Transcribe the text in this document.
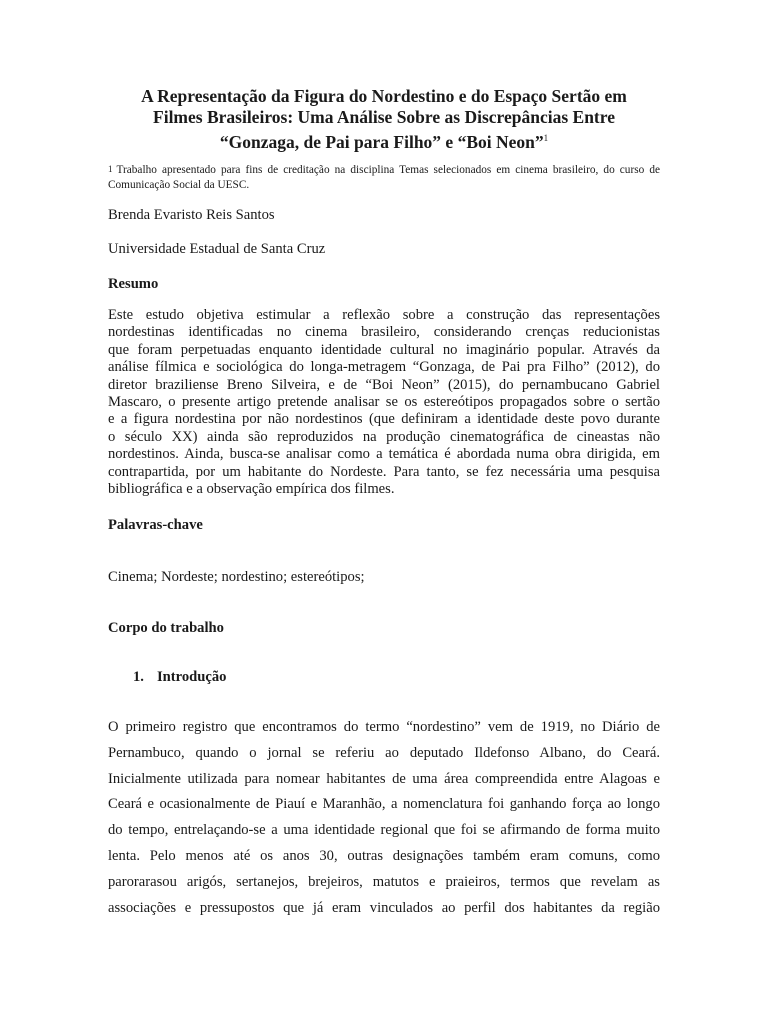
A Representação da Figura do Nordestino e do Espaço Sertão em
Filmes Brasileiros: Uma Análise Sobre as Discrepâncias Entre
“Gonzaga, de Pai para Filho” e “Boi Neon”$^1$

$^1$ Trabalho apresentado para fins de creditação na disciplina Temas selecionados em cinema brasileiro, do curso de Comunicação Social da UESC.

Brenda Evaristo Reis Santos

Universidade Estadual de Santa Cruz

Resumo

Este estudo objetiva estimular a reflexão sobre a construção das representações
nordestinas identificadas no cinema brasileiro, considerando crenças reducionistas
que foram perpetuadas enquanto identidade cultural no imaginário popular. Através da
análise fílmica e sociológica do longa-metragem “Gonzaga, de Pai pra Filho” (2012), do
diretor braziliense Breno Silveira, e de “Boi Neon” (2015), do pernambucano Gabriel
Mascaro, o presente artigo pretende analisar se os estereótipos propagados sobre o sertão
e a figura nordestina por não nordestinos (que definiram a identidade deste povo durante
o século XX) ainda são reproduzidos na produção cinematográfica de cineastas não
nordestinos. Ainda, busca-se analisar como a temática é abordada numa obra dirigida, em
contrapartida, por um habitante do Nordeste. Para tanto, se fez necessária uma pesquisa
bibliográfica e a observação empírica dos filmes.

Palavras-chave

Cinema; Nordeste; nordestino; estereótipos;

Corpo do trabalho

1. Introdução

O primeiro registro que encontramos do termo “nordestino” vem de 1919, no Diário de
Pernambuco, quando o jornal se referiu ao deputado Ildefonso Albano, do Ceará.
Inicialmente utilizada para nomear habitantes de uma área compreendida entre Alagoas e
Ceará e ocasionalmente de Piauí e Maranhão, a nomenclatura foi ganhando força ao longo
do tempo, entrelaçando-se a uma identidade regional que foi se afirmando de forma muito
lenta. Pelo menos até os anos 30, outras designações também eram comuns, como
parorarasou arigós, sertanejos, brejeiros, matutos e praieiros, termos que revelam as
associações e pressupostos que já eram vinculados ao perfil dos habitantes da região
